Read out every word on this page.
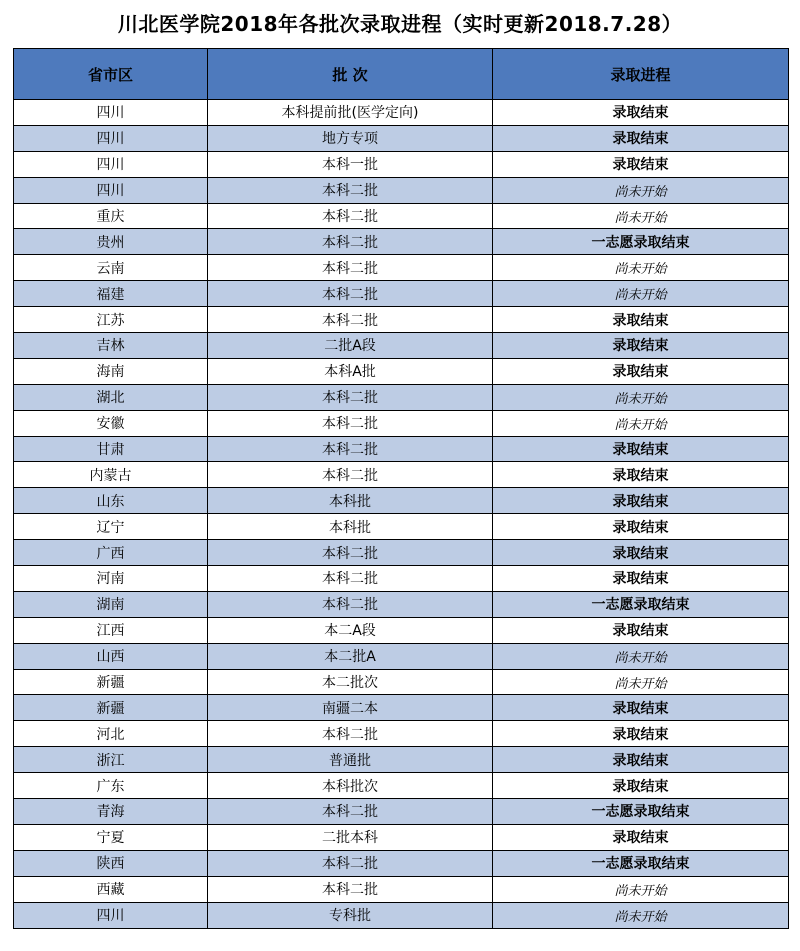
川北医学院2018年各批次录取进程（实时更新2018.7.28）
省市区	批 次	录取进程
四川	本科提前批(医学定向)	录取结束
四川	地方专项	录取结束
四川	本科一批	录取结束
四川	本科二批	尚未开始
重庆	本科二批	尚未开始
贵州	本科二批	一志愿录取结束
云南	本科二批	尚未开始
福建	本科二批	尚未开始
江苏	本科二批	录取结束
吉林	二批A段	录取结束
海南	本科A批	录取结束
湖北	本科二批	尚未开始
安徽	本科二批	尚未开始
甘肃	本科二批	录取结束
内蒙古	本科二批	录取结束
山东	本科批	录取结束
辽宁	本科批	录取结束
广西	本科二批	录取结束
河南	本科二批	录取结束
湖南	本科二批	一志愿录取结束
江西	本二A段	录取结束
山西	本二批A	尚未开始
新疆	本二批次	尚未开始
新疆	南疆二本	录取结束
河北	本科二批	录取结束
浙江	普通批	录取结束
广东	本科批次	录取结束
青海	本科二批	一志愿录取结束
宁夏	二批本科	录取结束
陕西	本科二批	一志愿录取结束
西藏	本科二批	尚未开始
四川	专科批	尚未开始
